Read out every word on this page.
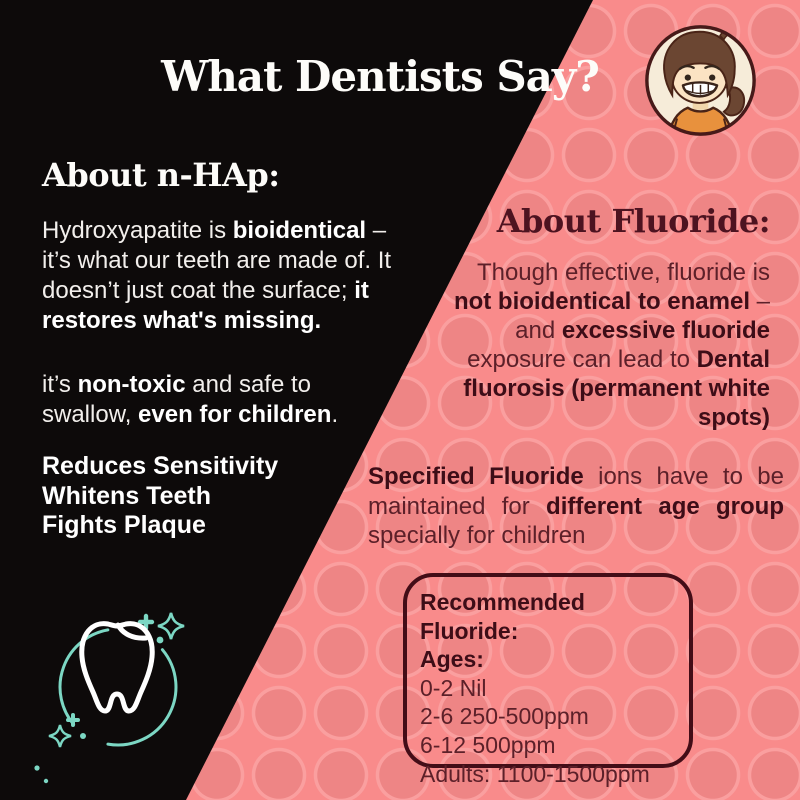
What Dentists Say?
About n-HAp:
Hydroxyapatite is bioidentical –
it’s what our teeth are made of. It
doesn’t just coat the surface; it
restores what's missing.
it’s non-toxic and safe to
swallow, even for children.
Reduces Sensitivity
Whitens Teeth
Fights Plaque
About Fluoride:
Though effective, fluoride is
not bioidentical to enamel –
and excessive fluoride
exposure can lead to Dental
fluorosis (permanent white
spots)
Specified Fluoride ions have to be
maintained for different age group
specially for children
Recommended Fluoride:
Ages:
0-2 Nil
2-6 250-500ppm
6-12 500ppm
Adults: 1100-1500ppm
